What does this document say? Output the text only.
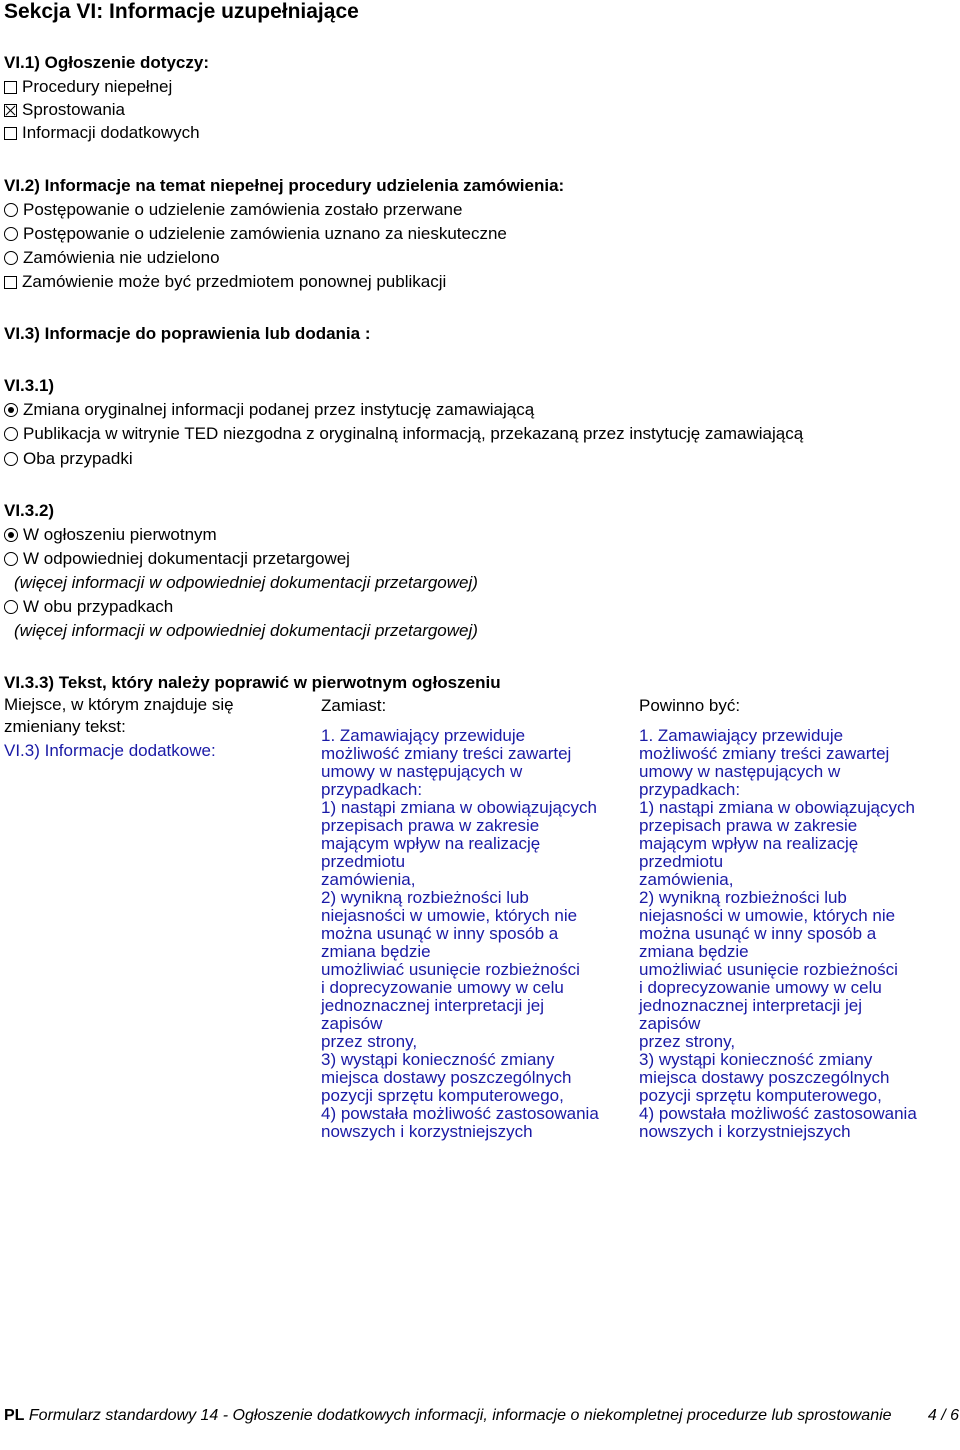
Sekcja VI: Informacje uzupełniające
VI.1) Ogłoszenie dotyczy:
Procedury niepełnej
Sprostowania
Informacji dodatkowych
VI.2) Informacje na temat niepełnej procedury udzielenia zamówienia:
Postępowanie o udzielenie zamówienia zostało przerwane
Postępowanie o udzielenie zamówienia uznano za nieskuteczne
Zamówienia nie udzielono
Zamówienie może być przedmiotem ponownej publikacji
VI.3) Informacje do poprawienia lub dodania :
VI.3.1)
Zmiana oryginalnej informacji podanej przez instytucję zamawiającą
Publikacja w witrynie TED niezgodna z oryginalną informacją, przekazaną przez instytucję zamawiającą
Oba przypadki
VI.3.2)
W ogłoszeniu pierwotnym
W odpowiedniej dokumentacji przetargowej
(więcej informacji w odpowiedniej dokumentacji przetargowej)
W obu przypadkach
(więcej informacji w odpowiedniej dokumentacji przetargowej)
VI.3.3) Tekst, który należy poprawić w pierwotnym ogłoszeniu
Miejsce, w którym znajduje się zmieniany tekst:
VI.3) Informacje dodatkowe:
Zamiast:	Powinno być:
1. Zamawiający przewiduje
możliwość zmiany treści zawartej
umowy w następujących w
przypadkach:
1) nastąpi zmiana w obowiązujących
przepisach prawa w zakresie
mającym wpływ na realizację
przedmiotu
zamówienia,
2) wynikną rozbieżności lub
niejasności w umowie, których nie
można usunąć w inny sposób a
zmiana będzie
umożliwiać usunięcie rozbieżności
i doprecyzowanie umowy w celu
jednoznacznej interpretacji jej
zapisów
przez strony,
3) wystąpi konieczność zmiany
miejsca dostawy poszczególnych
pozycji sprzętu komputerowego,
4) powstała możliwość zastosowania
nowszych i korzystniejszych
1. Zamawiający przewiduje
możliwość zmiany treści zawartej
umowy w następujących w
przypadkach:
1) nastąpi zmiana w obowiązujących
przepisach prawa w zakresie
mającym wpływ na realizację
przedmiotu
zamówienia,
2) wynikną rozbieżności lub
niejasności w umowie, których nie
można usunąć w inny sposób a
zmiana będzie
umożliwiać usunięcie rozbieżności
i doprecyzowanie umowy w celu
jednoznacznej interpretacji jej
zapisów
przez strony,
3) wystąpi konieczność zmiany
miejsca dostawy poszczególnych
pozycji sprzętu komputerowego,
4) powstała możliwość zastosowania
nowszych i korzystniejszych
PL Formularz standardowy 14 - Ogłoszenie dodatkowych informacji, informacje o niekompletnej procedurze lub sprostowanie 4 / 6
